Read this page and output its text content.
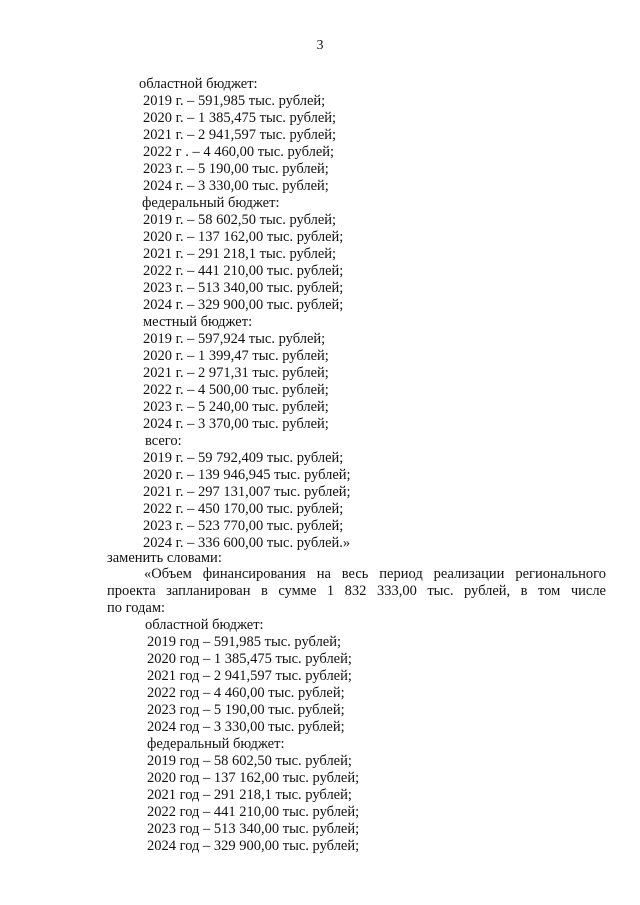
3
областной бюджет:
2019 г. – 591,985 тыс. рублей;
2020 г. – 1 385,475 тыс. рублей;
2021 г. – 2 941,597 тыс. рублей;
2022 г . – 4 460,00 тыс. рублей;
2023 г. – 5 190,00 тыс. рублей;
2024 г. – 3 330,00 тыс. рублей;
федеральный бюджет:
2019 г. – 58 602,50 тыс. рублей;
2020 г. – 137 162,00 тыс. рублей;
2021 г. – 291 218,1 тыс. рублей;
2022 г. – 441 210,00 тыс. рублей;
2023 г. – 513 340,00 тыс. рублей;
2024 г. – 329 900,00 тыс. рублей;
местный бюджет:
2019 г. – 597,924 тыс. рублей;
2020 г. – 1 399,47 тыс. рублей;
2021 г. – 2 971,31 тыс. рублей;
2022 г. – 4 500,00 тыс. рублей;
2023 г. – 5 240,00 тыс. рублей;
2024 г. – 3 370,00 тыс. рублей;
всего:
2019 г. – 59 792,409 тыс. рублей;
2020 г. – 139 946,945 тыс. рублей;
2021 г. – 297 131,007 тыс. рублей;
2022 г. – 450 170,00 тыс. рублей;
2023 г. – 523 770,00 тыс. рублей;
2024 г. – 336 600,00 тыс. рублей.»
заменить словами:
«Объем финансирования на весь период реализации регионального
проекта запланирован в сумме 1 832 333,00 тыс. рублей, в том числе
по годам:
областной бюджет:
2019 год – 591,985 тыс. рублей;
2020 год – 1 385,475 тыс. рублей;
2021 год – 2 941,597 тыс. рублей;
2022 год – 4 460,00 тыс. рублей;
2023 год – 5 190,00 тыс. рублей;
2024 год – 3 330,00 тыс. рублей;
федеральный бюджет:
2019 год – 58 602,50 тыс. рублей;
2020 год – 137 162,00 тыс. рублей;
2021 год – 291 218,1 тыс. рублей;
2022 год – 441 210,00 тыс. рублей;
2023 год – 513 340,00 тыс. рублей;
2024 год – 329 900,00 тыс. рублей;
